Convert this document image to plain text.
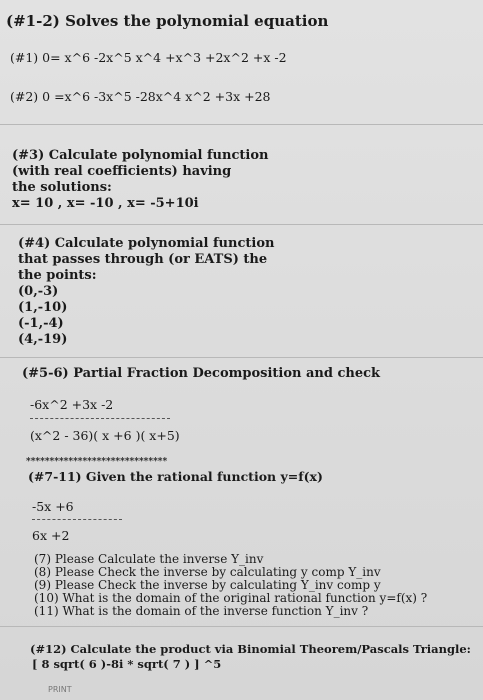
(#1-2) Solves the polynomial equation
(#1) 0= x^6 -2x^5 x^4 +x^3 +2x^2 +x -2
(#2) 0 =x^6 -3x^5 -28x^4 x^2 +3x +28
(#3) Calculate polynomial function
(with real coefficients) having
the solutions:
x= 10 , x= -10 , x= -5+10i
(#4) Calculate polynomial function
that passes through (or EATS) the
the points:
(0,-3)
(1,-10)
(-1,-4)
(4,-19)
(#5-6) Partial Fraction Decomposition and check
-6x^2 +3x -2
(x^2 - 36)( x +6 )( x+5)
******************************
(#7-11) Given the rational function y=f(x)
-5x +6
6x +2
(7) Please Calculate the inverse Y_inv
(8) Please Check the inverse by calculating y comp Y_inv
(9) Please Check the inverse by calculating Y_inv comp y
(10) What is the domain of the original rational function y=f(x) ?
(11) What is the domain of the inverse function Y_inv ?
(#12) Calculate the product via Binomial Theorem/Pascals Triangle:
[ 8 sqrt( 6 )-8i * sqrt( 7 ) ] ^5
PRINT
